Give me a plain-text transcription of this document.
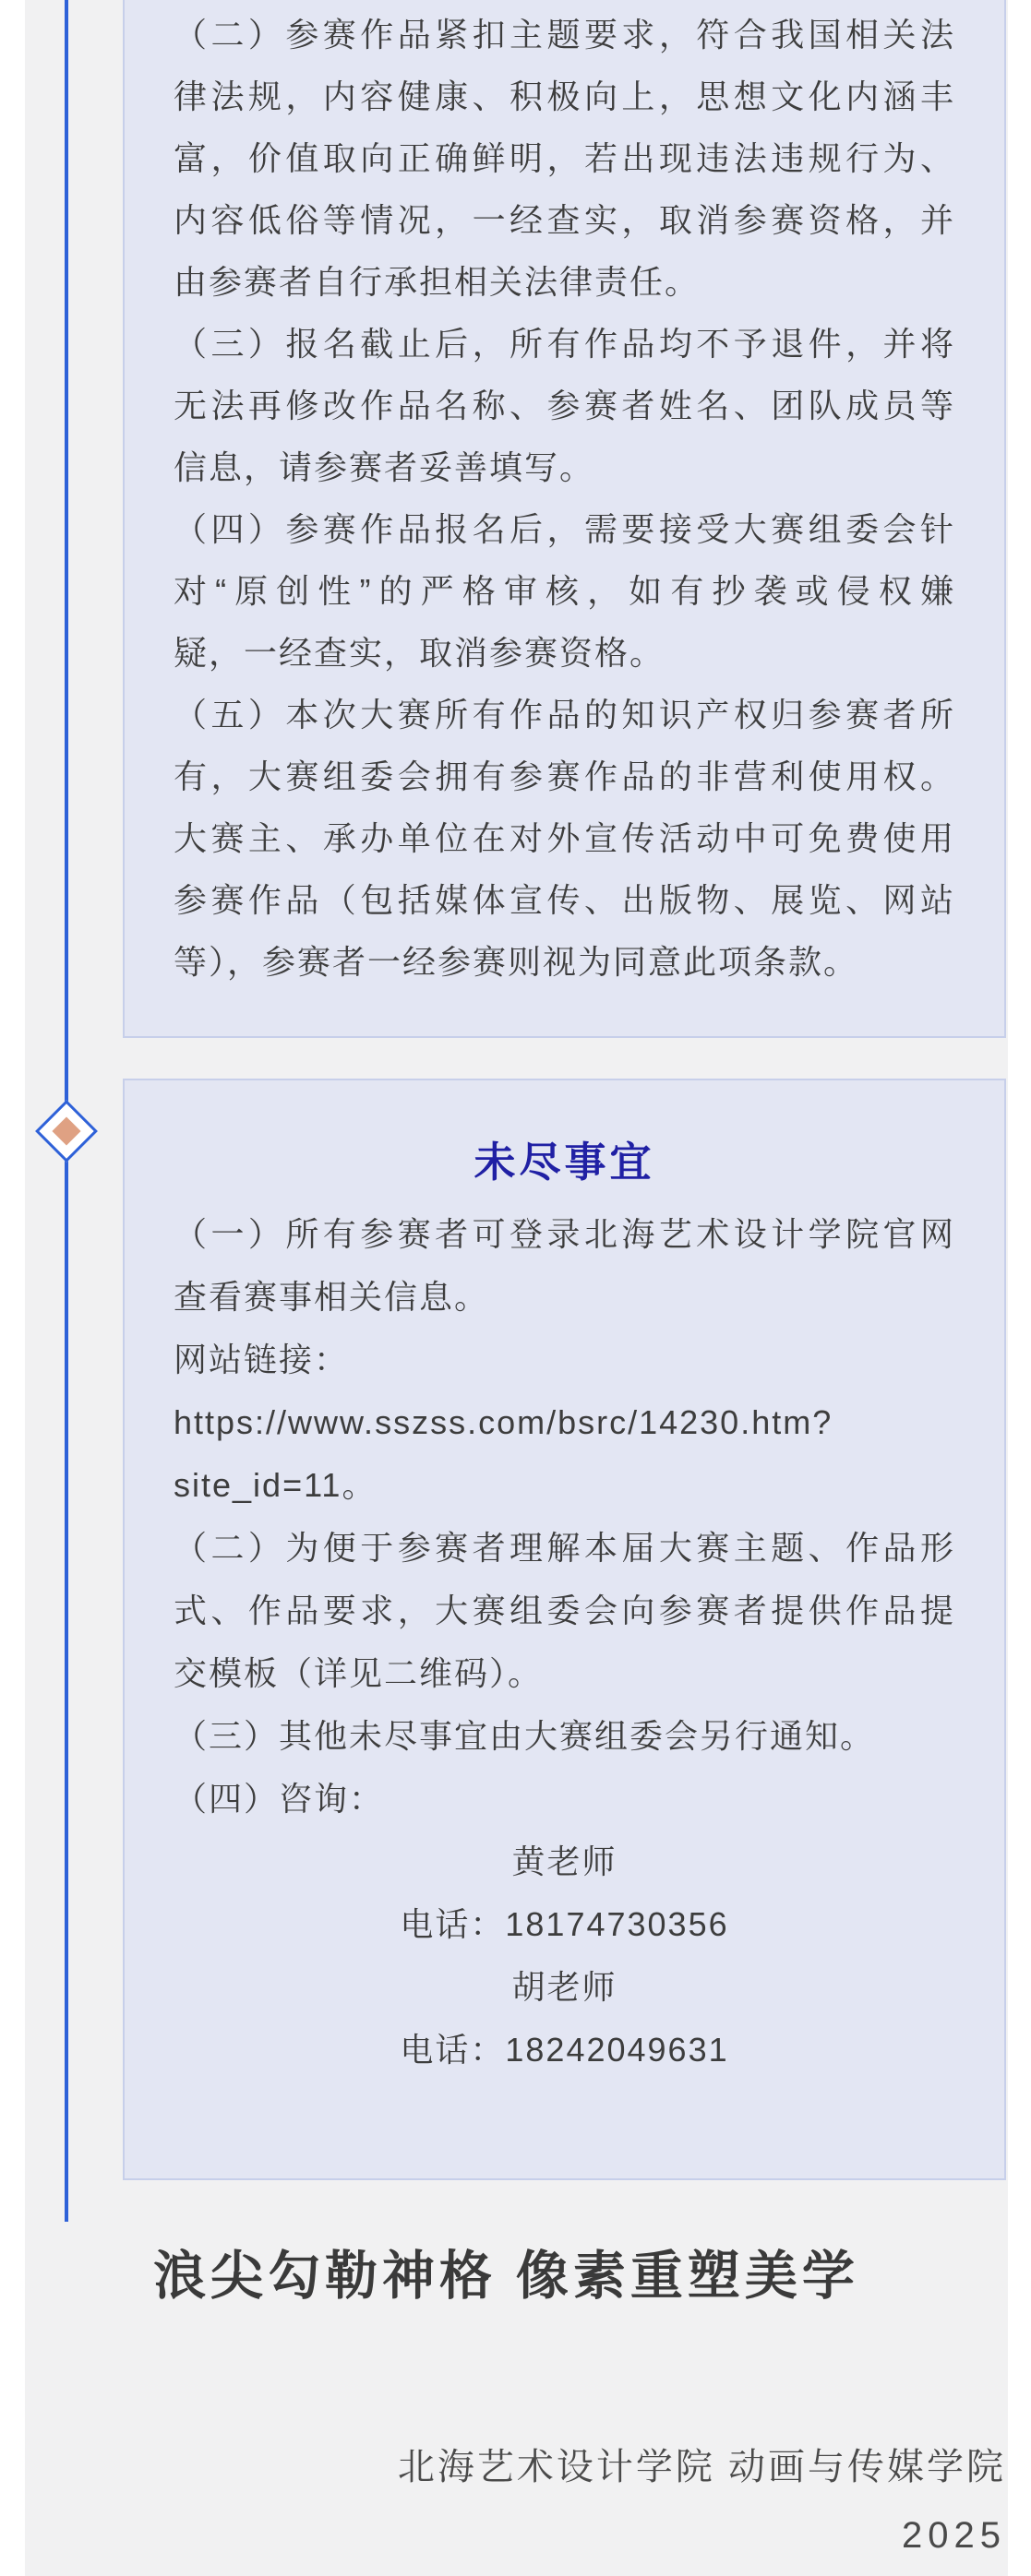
（二）参赛作品紧扣主题要求，符合我国相关法
律法规，内容健康、积极向上，思想文化内涵丰
富，价值取向正确鲜明，若出现违法违规行为、
内容低俗等情况，一经查实，取消参赛资格，并
由参赛者自行承担相关法律责任。
（三）报名截止后，所有作品均不予退件，并将
无法再修改作品名称、参赛者姓名、团队成员等
信息，请参赛者妥善填写。
（四）参赛作品报名后，需要接受大赛组委会针
对“原创性”的严格审核，如有抄袭或侵权嫌
疑，一经查实，取消参赛资格。
（五）本次大赛所有作品的知识产权归参赛者所
有，大赛组委会拥有参赛作品的非营利使用权。
大赛主、承办单位在对外宣传活动中可免费使用
参赛作品（包括媒体宣传、出版物、展览、网站
等），参赛者一经参赛则视为同意此项条款。
未尽事宜
（一）所有参赛者可登录北海艺术设计学院官网
查看赛事相关信息。
网站链接：
https://www.sszss.com/bsrc/14230.htm?
site_id=11。
（二）为便于参赛者理解本届大赛主题、作品形
式、作品要求，大赛组委会向参赛者提供作品提
交模板（详见二维码）。
（三）其他未尽事宜由大赛组委会另行通知。
（四）咨询：
黄老师
电话：18174730356
胡老师
电话：18242049631
浪尖勾勒神格 像素重塑美学
北海艺术设计学院 动画与传媒学院
2025
